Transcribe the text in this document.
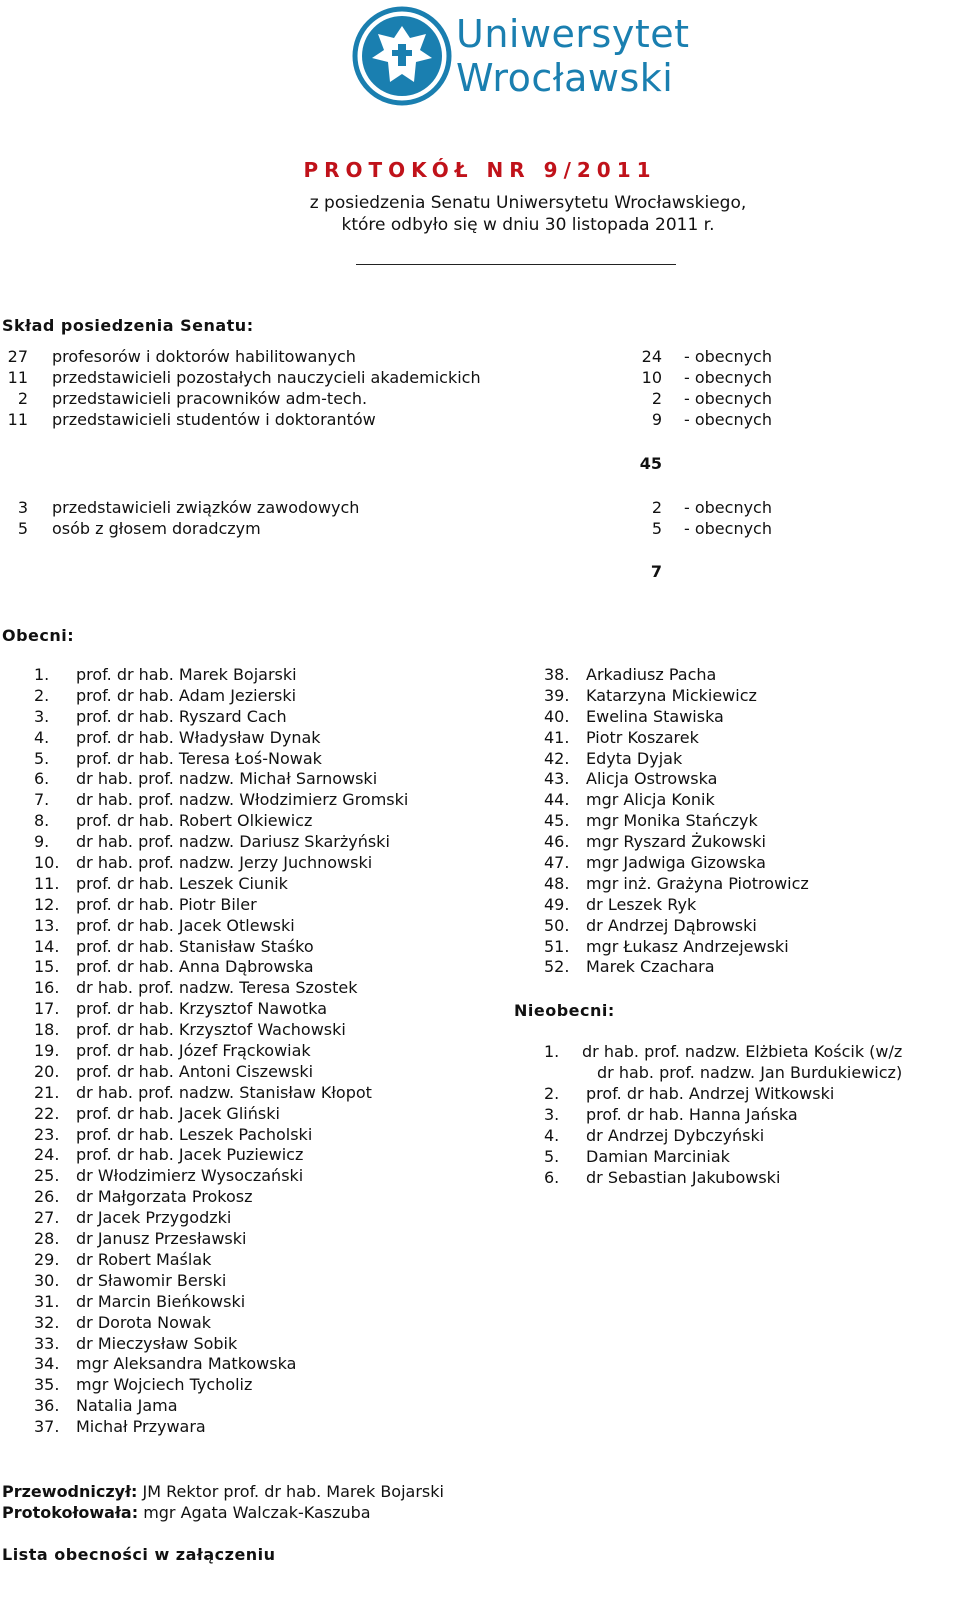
Uniwersytet
Wrocławski
PROTOKÓŁ NR 9/2011
z posiedzenia Senatu Uniwersytetu Wrocławskiego,
które odbyło się w dniu 30 listopada 2011 r.
Skład posiedzenia Senatu:
27 profesorów i doktorów habilitowanych	24 - obecnych
11 przedstawicieli pozostałych nauczycieli akademickich	10 - obecnych
2 przedstawicieli pracowników adm-tech.	2 - obecnych
11 przedstawicieli studentów i doktorantów	9 - obecnych
45
3 przedstawicieli związków zawodowych	2 - obecnych
5 osób z głosem doradczym	5 - obecnych
7
Obecni:
1.	prof. dr hab. Marek Bojarski
2.	prof. dr hab. Adam Jezierski
3.	prof. dr hab. Ryszard Cach
4.	prof. dr hab. Władysław Dynak
5.	prof. dr hab. Teresa Łoś-Nowak
6.	dr hab. prof. nadzw. Michał Sarnowski
7.	dr hab. prof. nadzw. Włodzimierz Gromski
8.	prof. dr hab. Robert Olkiewicz
9.	dr hab. prof. nadzw. Dariusz Skarżyński
10.	dr hab. prof. nadzw. Jerzy Juchnowski
11.	prof. dr hab. Leszek Ciunik
12.	prof. dr hab. Piotr Biler
13.	prof. dr hab. Jacek Otlewski
14.	prof. dr hab. Stanisław Staśko
15.	prof. dr hab. Anna Dąbrowska
16.	dr hab. prof. nadzw. Teresa Szostek
17.	prof. dr hab. Krzysztof Nawotka
18.	prof. dr hab. Krzysztof Wachowski
19.	prof. dr hab. Józef Frąckowiak
20.	prof. dr hab. Antoni Ciszewski
21.	dr hab. prof. nadzw. Stanisław Kłopot
22.	prof. dr hab. Jacek Gliński
23.	prof. dr hab. Leszek Pacholski
24.	prof. dr hab. Jacek Puziewicz
25.	dr Włodzimierz Wysoczański
26.	dr Małgorzata Prokosz
27.	dr Jacek Przygodzki
28.	dr Janusz Przesławski
29.	dr Robert Maślak
30.	dr Sławomir Berski
31.	dr Marcin Bieńkowski
32.	dr Dorota Nowak
33.	dr Mieczysław Sobik
34.	mgr Aleksandra Matkowska
35.	mgr Wojciech Tycholiz
36.	Natalia Jama
37.	Michał Przywara
38.	Arkadiusz Pacha
39.	Katarzyna Mickiewicz
40.	Ewelina Stawiska
41.	Piotr Koszarek
42.	Edyta Dyjak
43.	Alicja Ostrowska
44.	mgr Alicja Konik
45.	mgr Monika Stańczyk
46.	mgr Ryszard Żukowski
47.	mgr Jadwiga Gizowska
48.	mgr inż. Grażyna Piotrowicz
49.	dr Leszek Ryk
50.	dr Andrzej Dąbrowski
51.	mgr Łukasz Andrzejewski
52.	Marek Czachara
Nieobecni:
1. dr hab. prof. nadzw. Elżbieta Kościk (w/z
dr hab. prof. nadzw. Jan Burdukiewicz)
2.	prof. dr hab. Andrzej Witkowski
3.	prof. dr hab. Hanna Jańska
4.	dr Andrzej Dybczyński
5.	Damian Marciniak
6.	dr Sebastian Jakubowski
Przewodniczył: JM Rektor prof. dr hab. Marek Bojarski
Protokołowała: mgr Agata Walczak-Kaszuba
Lista obecności w załączeniu
